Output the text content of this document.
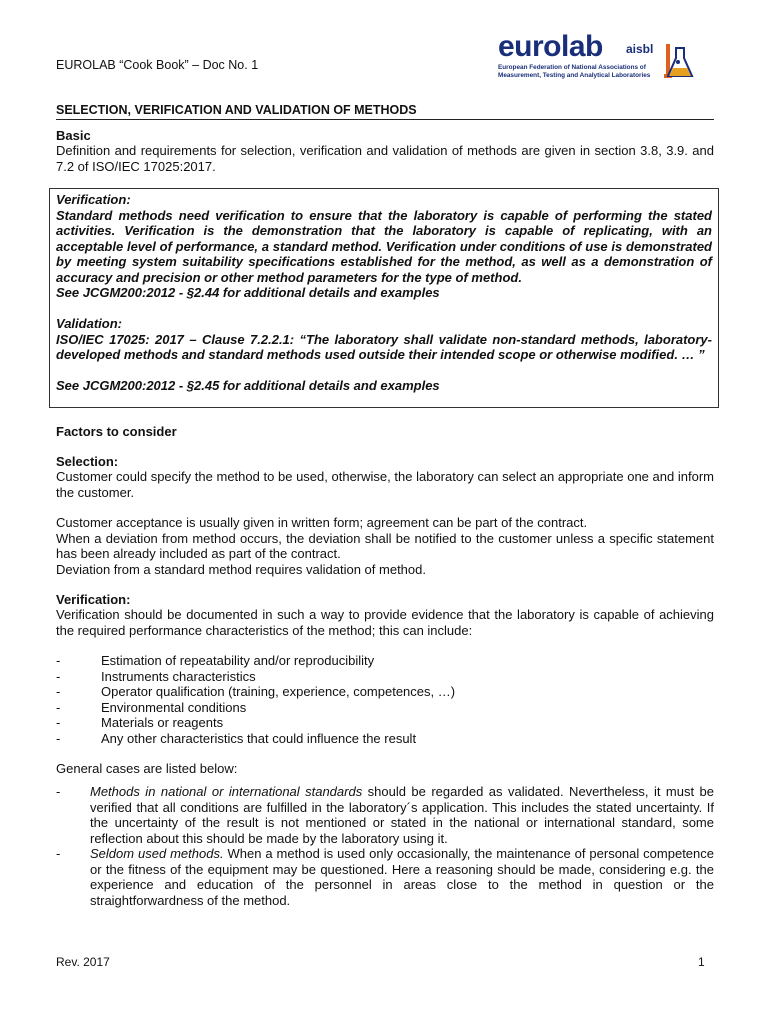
EUROLAB “Cook Book” – Doc No. 1
eurolab aisbl
European Federation of National Associations of Measurement, Testing and Analytical Laboratories
SELECTION, VERIFICATION AND VALIDATION OF METHODS
Basic
Definition and requirements for selection, verification and validation of methods are given in section 3.8, 3.9. and 7.2 of ISO/IEC 17025:2017.
Verification:
Standard methods need verification to ensure that the laboratory is capable of performing the stated activities. Verification is the demonstration that the laboratory is capable of replicating, with an acceptable level of performance, a standard method. Verification under conditions of use is demonstrated by meeting system suitability specifications established for the method, as well as a demonstration of accuracy and precision or other method parameters for the type of method.
See JCGM200:2012 - §2.44 for additional details and examples
Validation:
ISO/IEC 17025: 2017 – Clause 7.2.2.1: “The laboratory shall validate non-standard methods, laboratory-developed methods and standard methods used outside their intended scope or otherwise modified. … ”
See JCGM200:2012 - §2.45 for additional details and examples
Factors to consider
Selection:
Customer could specify the method to be used, otherwise, the laboratory can select an appropriate one and inform the customer.
Customer acceptance is usually given in written form; agreement can be part of the contract.
When a deviation from method occurs, the deviation shall be notified to the customer unless a specific statement has been already included as part of the contract.
Deviation from a standard method requires validation of method.
Verification:
Verification should be documented in such a way to provide evidence that the laboratory is capable of achieving the required performance characteristics of the method; this can include:
-	Estimation of repeatability and/or reproducibility
-	Instruments characteristics
-	Operator qualification (training, experience, competences, …)
-	Environmental conditions
-	Materials or reagents
-	Any other characteristics that could influence the result
General cases are listed below:
-	Methods in national or international standards should be regarded as validated. Nevertheless, it must be verified that all conditions are fulfilled in the laboratory´s application. This includes the stated uncertainty. If the uncertainty of the result is not mentioned or stated in the national or international standard, some reflection about this should be made by the laboratory using it.
-	Seldom used methods. When a method is used only occasionally, the maintenance of personal competence or the fitness of the equipment may be questioned. Here a reasoning should be made, considering e.g. the experience and education of the personnel in areas close to the method in question or the straightforwardness of the method.
Rev. 2017	1
